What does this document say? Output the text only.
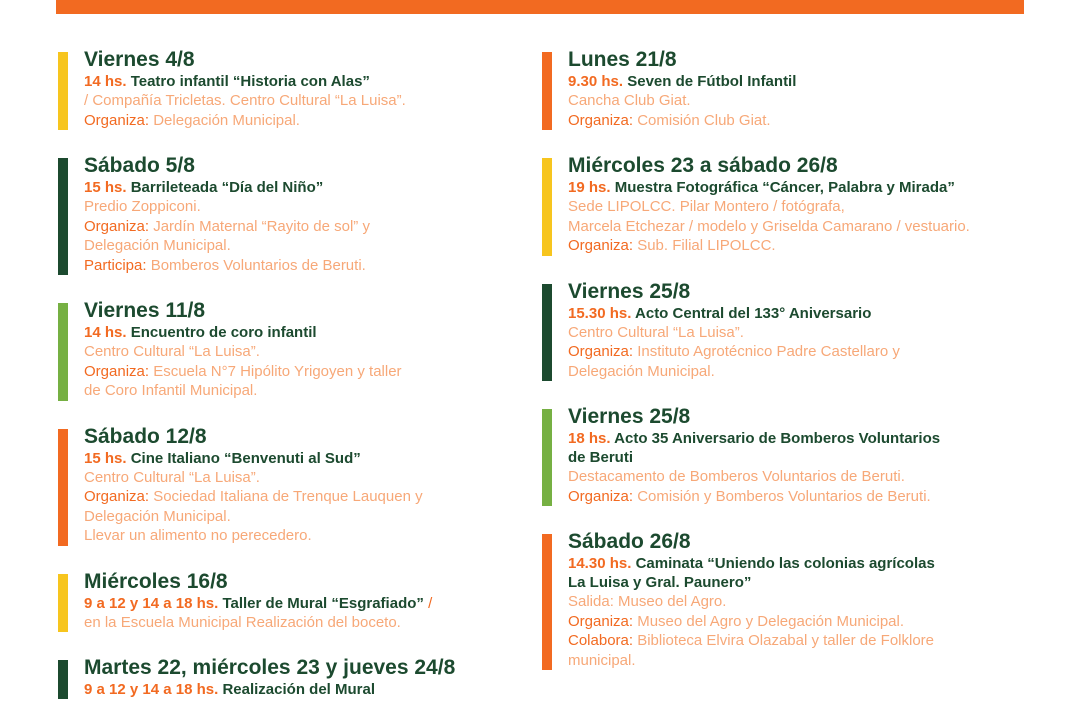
Viernes 4/8
14 hs. Teatro infantil “Historia con Alas”
/ Compañía Tricletas. Centro Cultural “La Luisa”.
Organiza: Delegación Municipal.
Sábado 5/8
15 hs. Barrileteada “Día del Niño”
Predio Zoppiconi.
Organiza: Jardín Maternal “Rayito de sol” y
Delegación Municipal.
Participa: Bomberos Voluntarios de Beruti.
Viernes 11/8
14 hs. Encuentro de coro infantil
Centro Cultural “La Luisa”.
Organiza: Escuela N°7 Hipólito Yrigoyen y taller
de Coro Infantil Municipal.
Sábado 12/8
15 hs. Cine Italiano “Benvenuti al Sud”
Centro Cultural “La Luisa”.
Organiza: Sociedad Italiana de Trenque Lauquen y
Delegación Municipal.
Llevar un alimento no perecedero.
Miércoles 16/8
9 a 12 y 14 a 18 hs. Taller de Mural “Esgrafiado” /
en la Escuela Municipal Realización del boceto.
Martes 22, miércoles 23 y jueves 24/8
9 a 12 y 14 a 18 hs. Realización del Mural
Lunes 21/8
9.30 hs. Seven de Fútbol Infantil
Cancha Club Giat.
Organiza: Comisión Club Giat.
Miércoles 23 a sábado 26/8
19 hs. Muestra Fotográfica “Cáncer, Palabra y Mirada”
Sede LIPOLCC. Pilar Montero / fotógrafa,
Marcela Etchezar / modelo y Griselda Camarano / vestuario.
Organiza: Sub. Filial LIPOLCC.
Viernes 25/8
15.30 hs. Acto Central del 133° Aniversario
Centro Cultural “La Luisa”.
Organiza: Instituto Agrotécnico Padre Castellaro y
Delegación Municipal.
Viernes 25/8
18 hs. Acto 35 Aniversario de Bomberos Voluntarios
de Beruti
Destacamento de Bomberos Voluntarios de Beruti.
Organiza: Comisión y Bomberos Voluntarios de Beruti.
Sábado 26/8
14.30 hs. Caminata “Uniendo las colonias agrícolas
La Luisa y Gral. Paunero”
Salida: Museo del Agro.
Organiza: Museo del Agro y Delegación Municipal.
Colabora: Biblioteca Elvira Olazabal y taller de Folklore
municipal.
